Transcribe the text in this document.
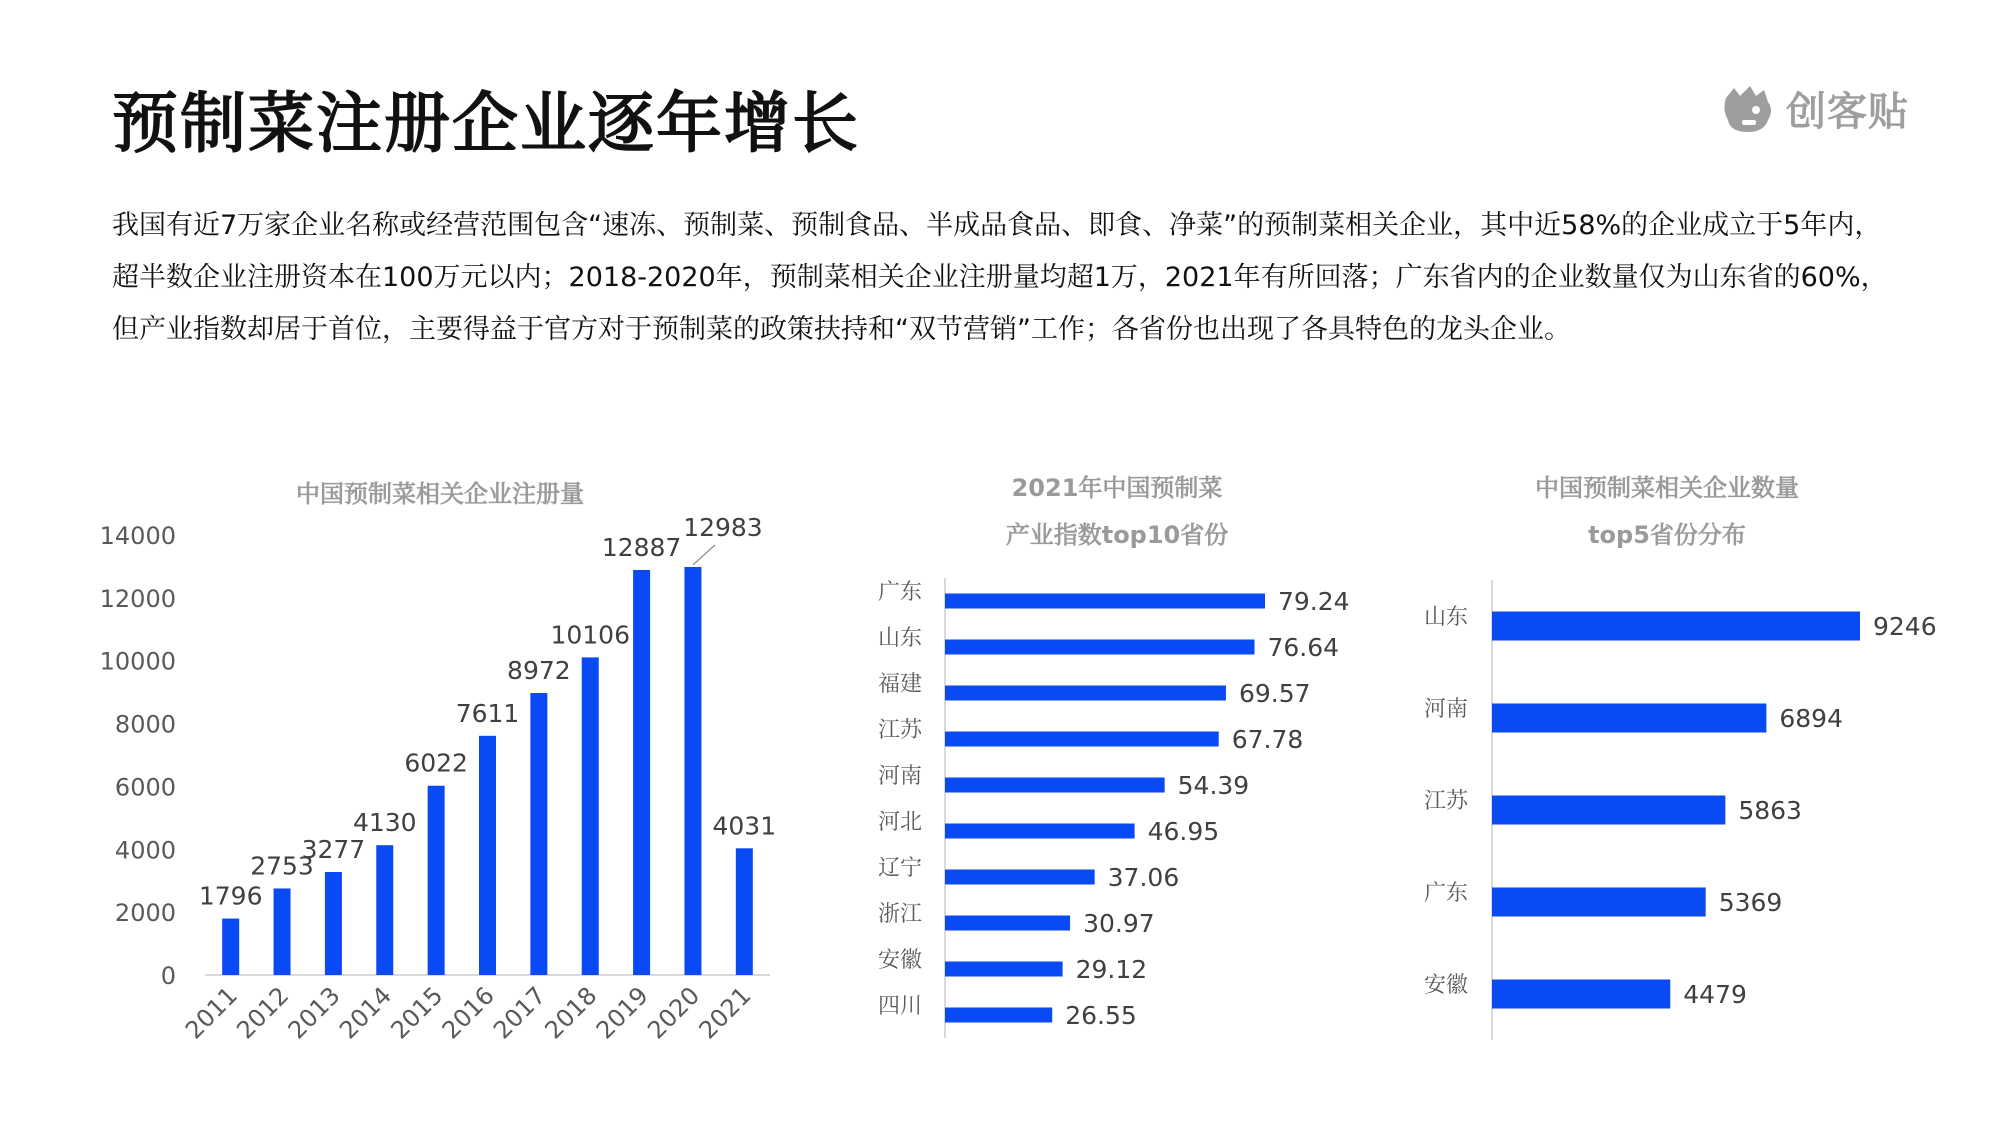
预制菜注册企业逐年增长	创客贴

我国有近7万家企业名称或经营范围包含“速冻、预制菜、预制食品、半成品食品、即食、净菜”的预制菜相关企业，其中近58%的企业成立于5年内，超半数企业注册资本在100万元以内；2018-2020年，预制菜相关企业注册量均超1万，2021年有所回落；广东省内的企业数量仅为山东省的60%，但产业指数却居于首位，主要得益于官方对于预制菜的政策扶持和“双节营销”工作；各省份也出现了各具特色的龙头企业。

中国预制菜相关企业注册量
0
2000
4000
6000
8000
10000
12000
14000
1796
2011
2753
2012
3277
2013
4130
2014
6022
2015
7611
2016
8972
2017
10106
2018
12887
2019
12983
2020
4031
2021
2021年中国预制菜
产业指数top10省份
79.24
广东
76.64
山东
69.57
福建
67.78
江苏
54.39
河南
46.95
河北
37.06
辽宁
30.97
浙江
29.12
安徽
26.55
四川
中国预制菜相关企业数量
top5省份分布
9246
山东
6894
河南
5863
江苏
5369
广东
4479
安徽
